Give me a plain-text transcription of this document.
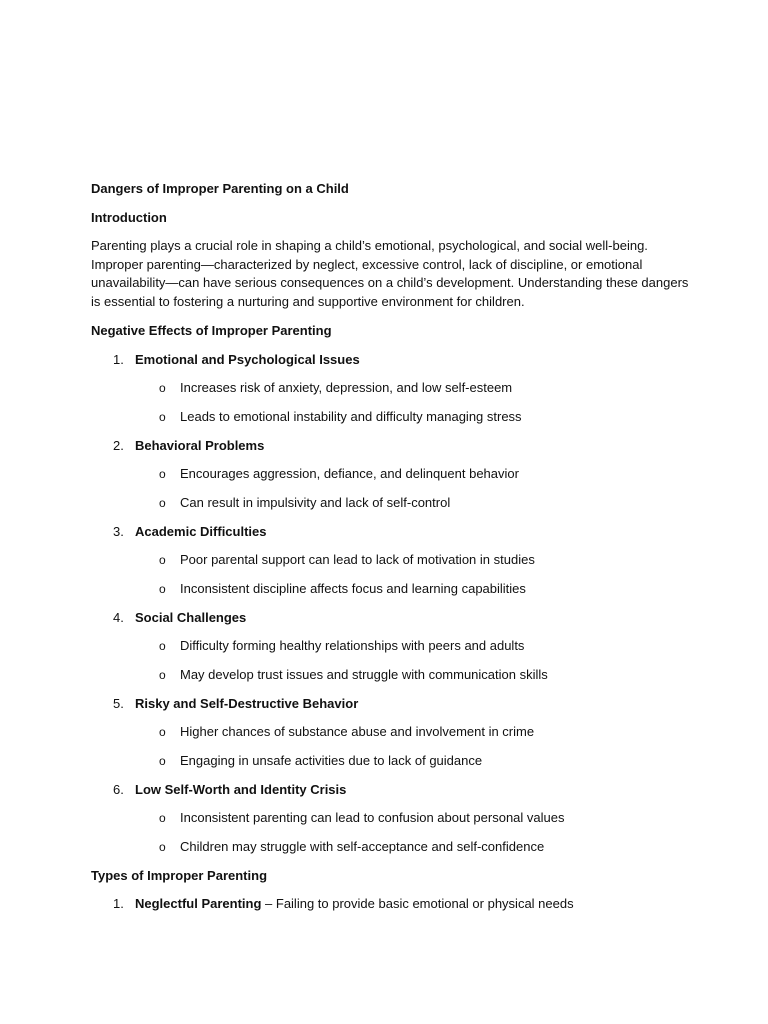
Dangers of Improper Parenting on a Child

Introduction

Parenting plays a crucial role in shaping a child’s emotional, psychological, and social well-being. Improper parenting—characterized by neglect, excessive control, lack of discipline, or emotional unavailability—can have serious consequences on a child’s development. Understanding these dangers is essential to fostering a nurturing and supportive environment for children.

Negative Effects of Improper Parenting

1. Emotional and Psychological Issues
o Increases risk of anxiety, depression, and low self-esteem
o Leads to emotional instability and difficulty managing stress
2. Behavioral Problems
o Encourages aggression, defiance, and delinquent behavior
o Can result in impulsivity and lack of self-control
3. Academic Difficulties
o Poor parental support can lead to lack of motivation in studies
o Inconsistent discipline affects focus and learning capabilities
4. Social Challenges
o Difficulty forming healthy relationships with peers and adults
o May develop trust issues and struggle with communication skills
5. Risky and Self-Destructive Behavior
o Higher chances of substance abuse and involvement in crime
o Engaging in unsafe activities due to lack of guidance
6. Low Self-Worth and Identity Crisis
o Inconsistent parenting can lead to confusion about personal values
o Children may struggle with self-acceptance and self-confidence

Types of Improper Parenting

1. Neglectful Parenting – Failing to provide basic emotional or physical needs
